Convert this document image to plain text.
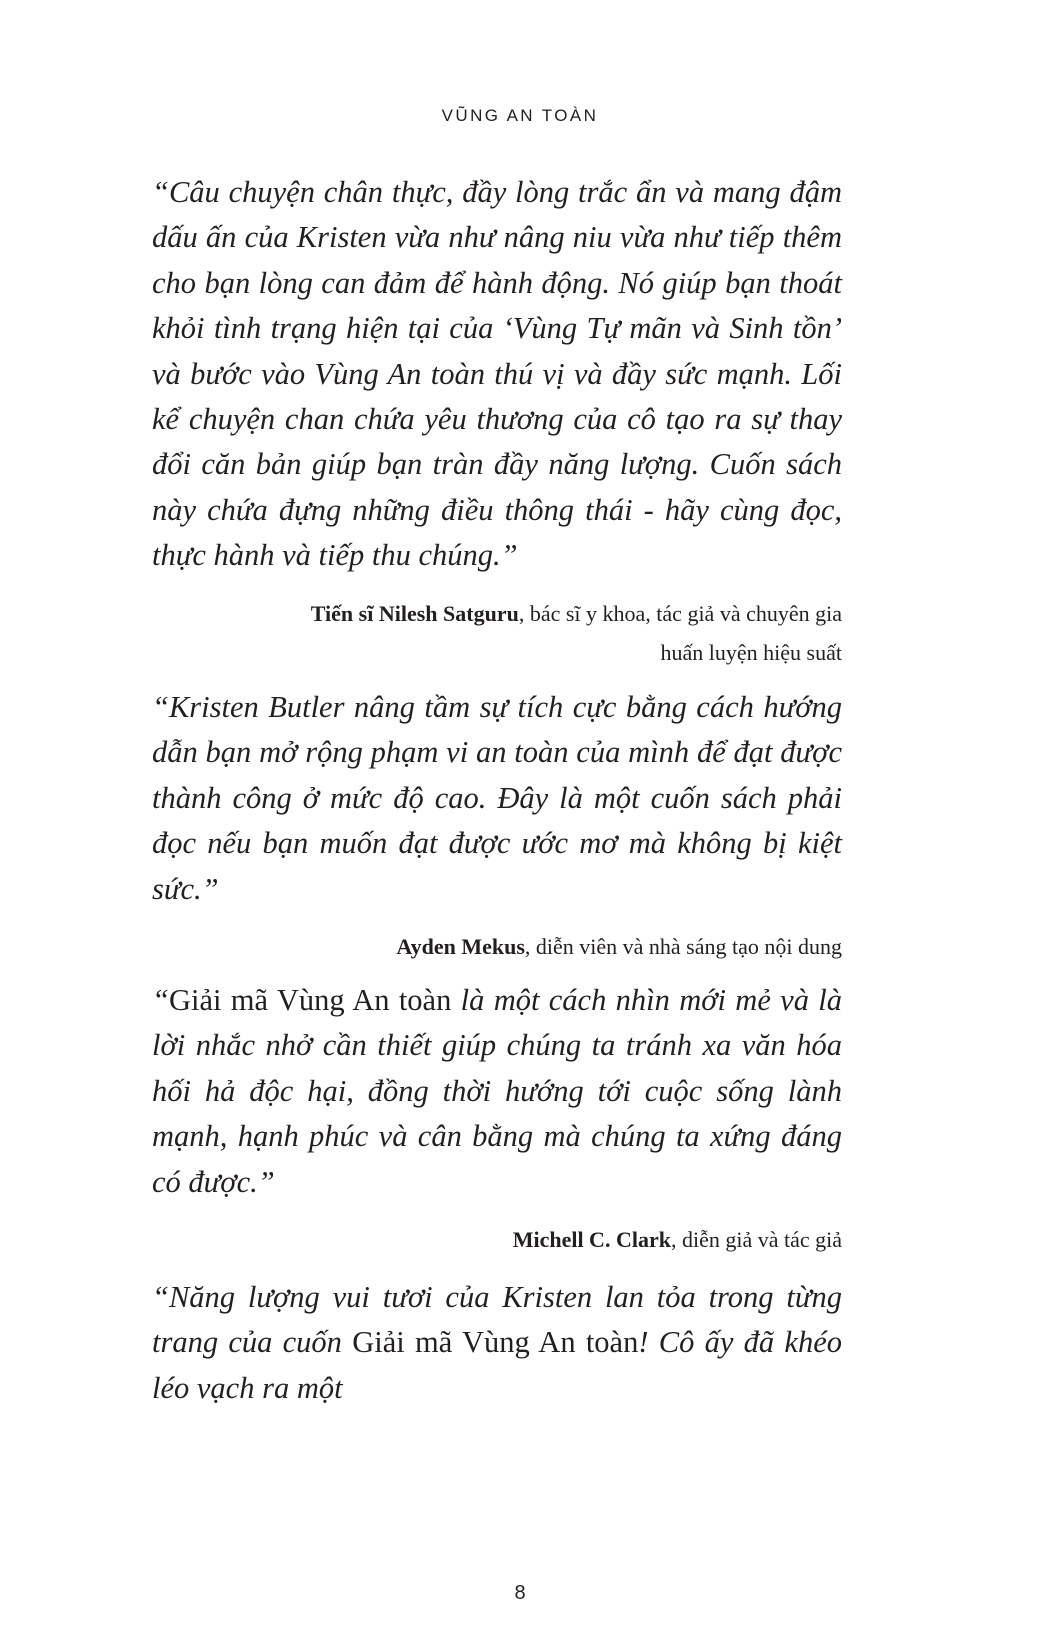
VŨNG AN TOÀN

“Câu chuyện chân thực, đầy lòng trắc ẩn và mang đậm dấu ấn của Kristen vừa như nâng niu vừa như tiếp thêm cho bạn lòng can đảm để hành động. Nó giúp bạn thoát khỏi tình trạng hiện tại của ‘Vùng Tự mãn và Sinh tồn’ và bước vào Vùng An toàn thú vị và đầy sức mạnh. Lối kể chuyện chan chứa yêu thương của cô tạo ra sự thay đổi căn bản giúp bạn tràn đầy năng lượng. Cuốn sách này chứa đựng những điều thông thái - hãy cùng đọc, thực hành và tiếp thu chúng.”

Tiến sĩ Nilesh Satguru, bác sĩ y khoa, tác giả và chuyên gia
huấn luyện hiệu suất

“Kristen Butler nâng tầm sự tích cực bằng cách hướng dẫn bạn mở rộng phạm vi an toàn của mình để đạt được thành công ở mức độ cao. Đây là một cuốn sách phải đọc nếu bạn muốn đạt được ước mơ mà không bị kiệt sức.”

Ayden Mekus, diễn viên và nhà sáng tạo nội dung

“Giải mã Vùng An toàn là một cách nhìn mới mẻ và là lời nhắc nhở cần thiết giúp chúng ta tránh xa văn hóa hối hả độc hại, đồng thời hướng tới cuộc sống lành mạnh, hạnh phúc và cân bằng mà chúng ta xứng đáng có được.”

Michell C. Clark, diễn giả và tác giả

“Năng lượng vui tươi của Kristen lan tỏa trong từng trang của cuốn Giải mã Vùng An toàn! Cô ấy đã khéo léo vạch ra một

8
